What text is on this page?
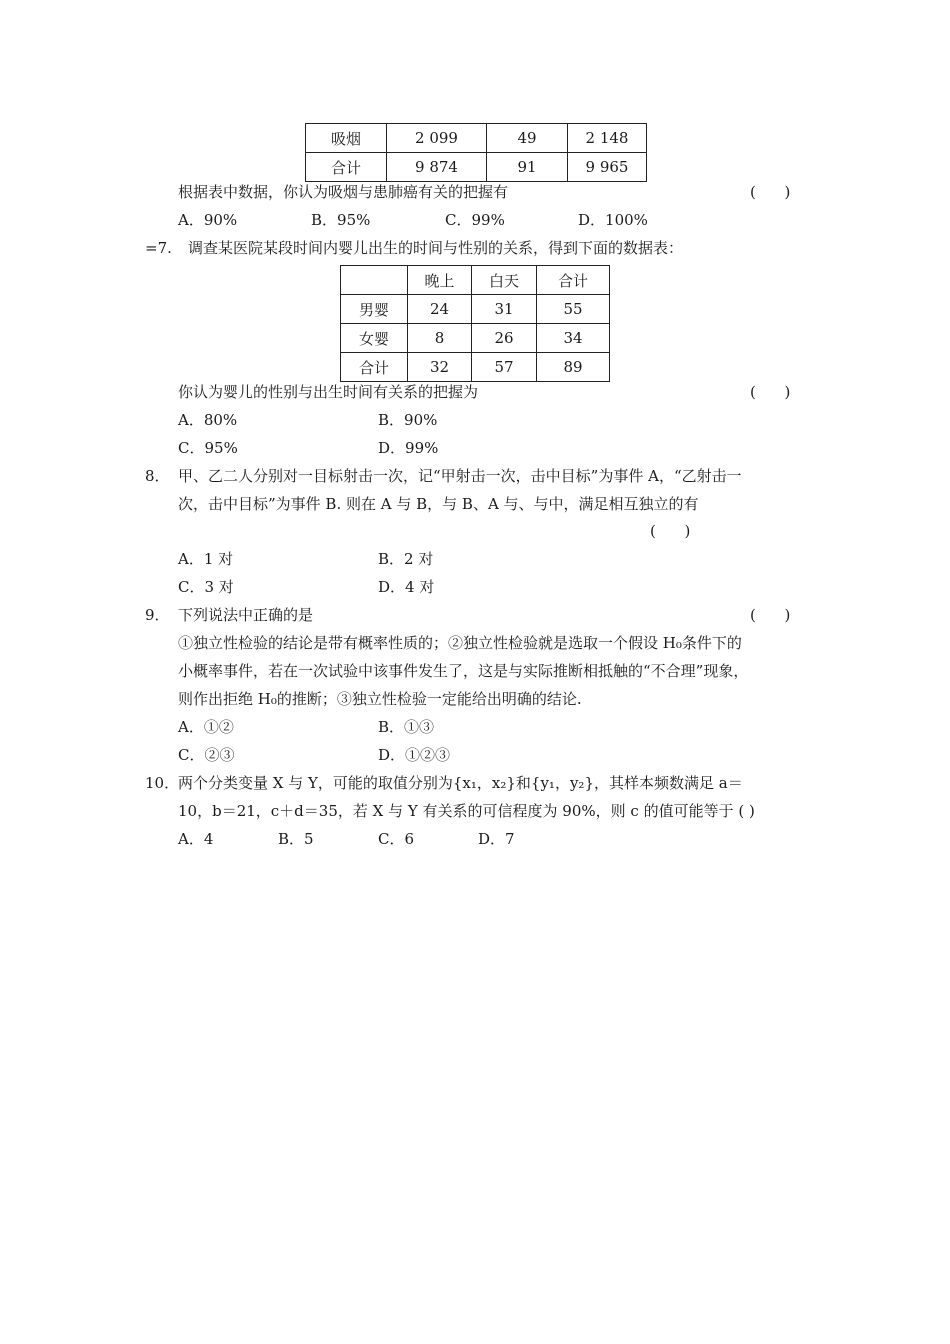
吸烟	2 099	49	2 148
合计	9 874	91	9 965
根据表中数据，你认为吸烟与患肺癌有关的把握有	(      )
A．90%	B．95%	C．99%	D．100%
=7. 调查某医院某段时间内婴儿出生的时间与性别的关系，得到下面的数据表：
	晚上	白天	合计
男婴	24	31	55
女婴	8	26	34
合计	32	57	89
你认为婴儿的性别与出生时间有关系的把握为	(      )
A．80%	B．90%
C．95%	D．99%
8． 甲、乙二人分别对一目标射击一次，记“甲射击一次，击中目标”为事件 A，“乙射击一
次，击中目标”为事件 B. 则在 A 与 B，与 B、A 与、与中，满足相互独立的有
(      )
A．1 对	B．2 对
C．3 对	D．4 对
9． 下列说法中正确的是	(      )
①独立性检验的结论是带有概率性质的；②独立性检验就是选取一个假设 H₀条件下的
小概率事件，若在一次试验中该事件发生了，这是与实际推断相抵触的“不合理”现象，
则作出拒绝 H₀的推断；③独立性检验一定能给出明确的结论.
A．①②	B．①③
C．②③	D．①②③
10．
两个分类变量 X 与 Y，可能的取值分别为{x₁，x₂}和{y₁，y₂}，其样本频数满足 a＝
10，b＝21，c＋d＝35，若 X 与 Y 有关系的可信程度为 90%，则 c 的值可能等于 ( )
A．4	B．5	C．6	D．7
